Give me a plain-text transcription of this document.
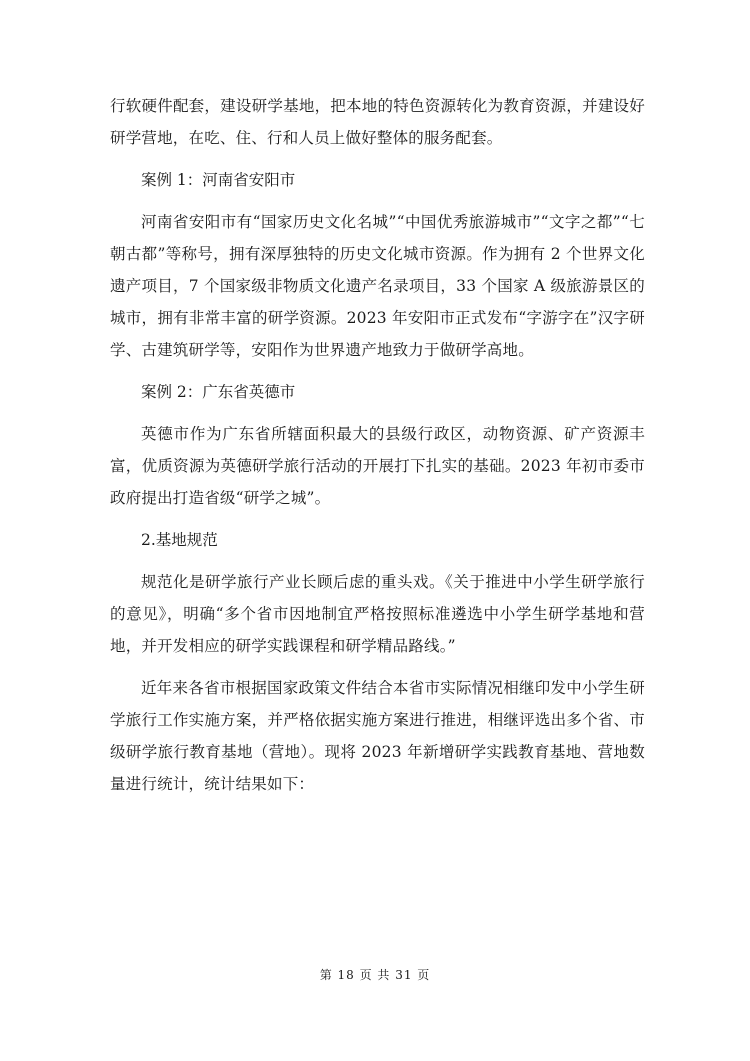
行软硬件配套，建设研学基地，把本地的特色资源转化为教育资源，并建设好研学营地，在吃、住、行和人员上做好整体的服务配套。

案例 1：河南省安阳市

河南省安阳市有“国家历史文化名城”“中国优秀旅游城市”“文字之都”“七朝古都”等称号，拥有深厚独特的历史文化城市资源。作为拥有 2 个世界文化遗产项目，7 个国家级非物质文化遗产名录项目，33 个国家 A 级旅游景区的城市，拥有非常丰富的研学资源。2023 年安阳市正式发布“字游字在”汉字研学、古建筑研学等，安阳作为世界遗产地致力于做研学高地。

案例 2：广东省英德市

英德市作为广东省所辖面积最大的县级行政区，动物资源、矿产资源丰富，优质资源为英德研学旅行活动的开展打下扎实的基础。2023 年初市委市政府提出打造省级“研学之城”。

2.基地规范

规范化是研学旅行产业长顾后虑的重头戏。《关于推进中小学生研学旅行的意见》，明确“多个省市因地制宜严格按照标准遴选中小学生研学基地和营地，并开发相应的研学实践课程和研学精品路线。”

近年来各省市根据国家政策文件结合本省市实际情况相继印发中小学生研学旅行工作实施方案，并严格依据实施方案进行推进，相继评选出多个省、市级研学旅行教育基地（营地）。现将 2023 年新增研学实践教育基地、营地数量进行统计，统计结果如下：

第 18 页 共 31 页
